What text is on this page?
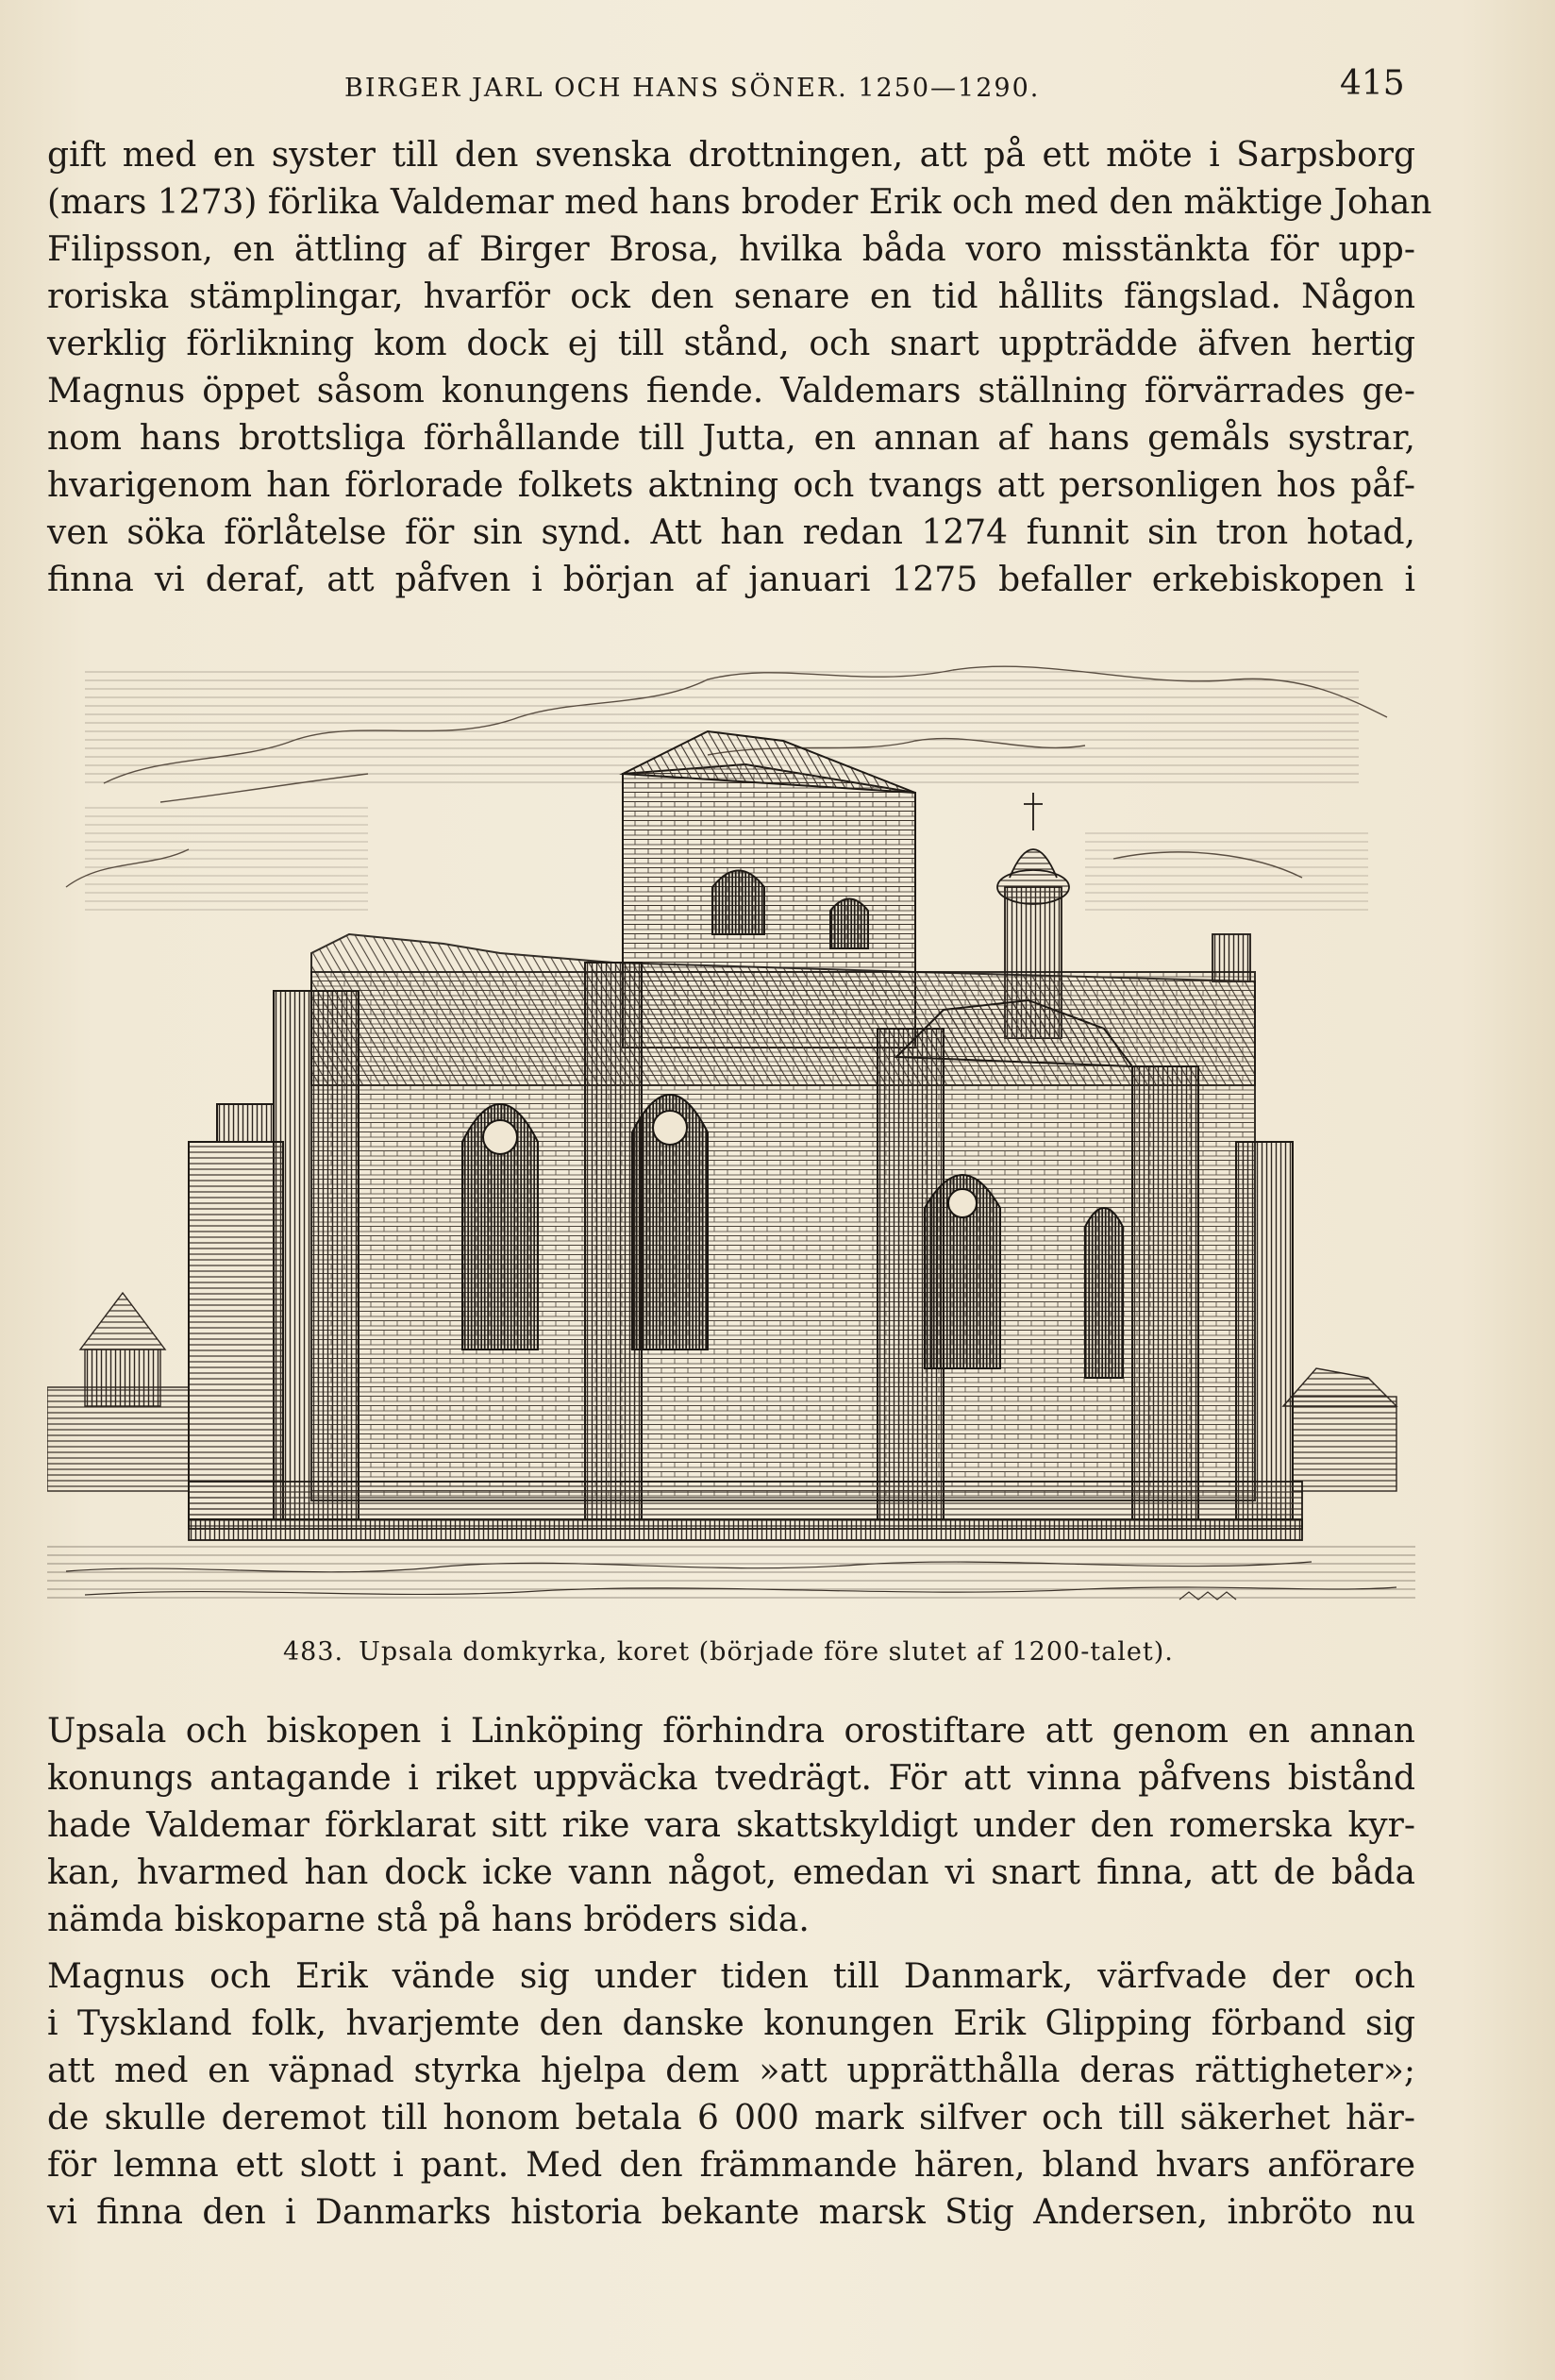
BIRGER JARL OCH HANS SÖNER. 1250—1290.	415

gift med en syster till den svenska drottningen, att på ett möte i Sarpsborg
(mars 1273) förlika Valdemar med hans broder Erik och med den mäktige Johan
Filipsson, en ättling af Birger Brosa, hvilka båda voro misstänkta för upp-
roriska stämplingar, hvarför ock den senare en tid hållits fängslad. Någon
verklig förlikning kom dock ej till stånd, och snart uppträdde äfven hertig
Magnus öppet såsom konungens fiende. Valdemars ställning förvärrades ge-
nom hans brottsliga förhållande till Jutta, en annan af hans gemåls systrar,
hvarigenom han förlorade folkets aktning och tvangs att personligen hos påf-
ven söka förlåtelse för sin synd. Att han redan 1274 funnit sin tron hotad,
finna vi deraf, att påfven i början af januari 1275 befaller erkebiskopen i

483. Upsala domkyrka, koret (började före slutet af 1200-talet).

Upsala och biskopen i Linköping förhindra orostiftare att genom en annan
konungs antagande i riket uppväcka tvedrägt. För att vinna påfvens bistånd
hade Valdemar förklarat sitt rike vara skattskyldigt under den romerska kyr-
kan, hvarmed han dock icke vann något, emedan vi snart finna, att de båda
nämda biskoparne stå på hans bröders sida.

Magnus och Erik vände sig under tiden till Danmark, värfvade der och
i Tyskland folk, hvarjemte den danske konungen Erik Glipping förband sig
att med en väpnad styrka hjelpa dem »att upprätthålla deras rättigheter»;
de skulle deremot till honom betala 6 000 mark silfver och till säkerhet här-
för lemna ett slott i pant. Med den främmande hären, bland hvars anförare
vi finna den i Danmarks historia bekante marsk Stig Andersen, inbröto nu
